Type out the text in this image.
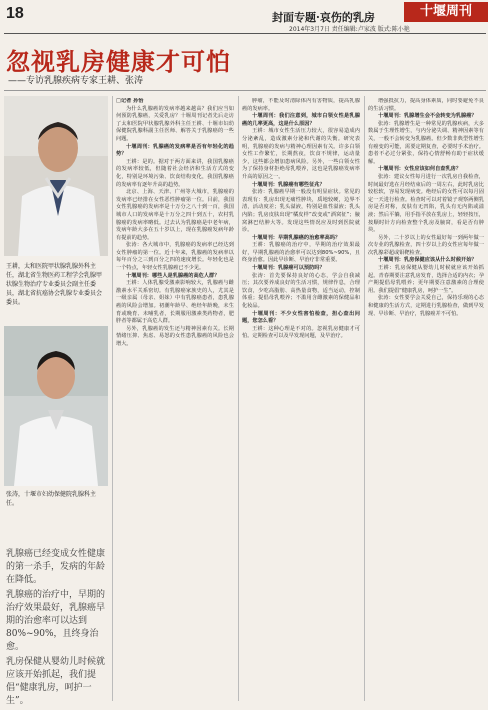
18	封面专题·哀伤的乳房	十堰周刊
2014年3月7日 责任编辑:卢家波 版式:陈小艳
忽视乳房健康才可怕
——专访乳腺疾病专家王耕、张涛
王耕，太和医院甲状腺乳腺外科主任，湖北省生物医药工程学会乳腺甲状腺生物治疗专业委员会副主任委员，湖北省抗癌协会乳腺专业委员会委员。
张涛，十堰市妇幼保健院乳腺科主任。

乳腺癌已经变成女性健康的第一杀手，发病的年龄在降低。

乳腺癌的治疗中，早期的治疗效果最好，乳腺癌早期的治愈率可以达到80%~90%，且终身治愈。

乳房保健从婴幼儿时候就应该开始抓起，我们提倡“健康乳房，呵护一生”。

□记者 孙怡

为什么乳腺癌的发病率越来越高？我们应当如何预防乳腺癌，关爱乳房？十堰周刊记者先后走访了太和医院甲状腺乳腺外科主任王耕、十堰市妇幼保健院乳腺科副主任医师、解答关于乳腺癌的一些问题。

十堰周刊：乳腺癌的发病率是否有年轻化的趋势？

王耕：是的。据对于两方面来讲，我国乳腺癌的发病率较低，但随着社会经济和生活方式的变化，特别是环境污染、饮食结构变化，我国乳腺癌的发病率有逐年升高的趋势。

北京、上海、天津、广州等大城市，乳腺癌的发病率已经排在女性恶性肿瘤第一位。目前，我国女性乳腺癌的发病率是十万分之八十到一百，我国城市人口的发病率是十万分之四十到五十，农村乳腺癌的发病率略低。过去认为乳腺癌是中老年病，发病年龄大多在五十岁以上，现在乳腺癌发病年龄有提前的趋势。

张涛：各大城市中，乳腺癌的发病率已经达到女性肿瘤的第一位。近十年来，乳腺癌的发病率以每年百分之三到百分之四的速度增长。年轻化也是一个特点，年轻女性乳腺癌已不少见。

十堰周刊：哪些人是乳腺癌的高危人群？

王耕：人体乳腺受激素影响较大，乳腺癌与雌激素水平关系密切。有乳腺癌家族史的人，尤其是一级亲属（母亲、姐妹）中有乳腺癌患者，患乳腺癌的风险会增加。初潮年龄早、绝经年龄晚，未生育或晚育、未哺乳者，长期服用激素类药物者，肥胖者等都属于高危人群。

另外，乳腺癌的发生还与精神因素有关。长期情绪压抑、焦虑、易怒的女性患乳腺癌的风险也会增大。

肿瘤，不能及时清除体内有害物质，提高乳腺癌的发病率。

十堰周刊：我们注意到，城市白领女性是乳腺癌的几率更高，这是什么原因？

王耕：城市女性生活压力较大，很容易造成内分泌紊乱，造成激素分泌和代谢的失衡。研究表明，乳腺癌的发病与精神心理因素有关。许多白领女性工作繁忙，长期熬夜，饮食不规律，运动量少，这些都会增加患病风险。另外，一些白领女性为了保持身材拒绝母乳喂养，这也是乳腺癌发病率升高的原因之一。

十堰周刊：乳腺癌有哪些征兆？

张涛：乳腺癌早期一般没有明显症状。常见的表现有：乳房出现无痛性肿块，质地较硬，边界不清，活动度差；乳头溢液，特别是血性溢液；乳头内陷；乳房皮肤出现“橘皮样”改变或“酒窝征”；腋窝淋巴结肿大等。发现这些情况应及时到医院就诊。

十堰周刊：早期乳腺癌的治愈率高吗？

王耕：乳腺癌的治疗中，早期的治疗效果最好，早期乳腺癌的治愈率可以达到80%~90%，且终身治愈。因此早诊断、早治疗非常重要。

十堰周刊：乳腺癌可以预防吗？

张涛：首先要保持良好的心态，学会自我减压；其次要养成良好的生活习惯，规律作息，合理饮食，少吃高脂肪、高热量食物，适当运动，控制体重；提倡母乳喂养；不滥用含雌激素的保健品和化妆品。

十堰周刊：不少女性害怕检查，担心查出问题，您怎么看？

王耕：这种心理是不对的。忽视乳房健康才可怕。定期检查可以及早发现问题，及早治疗。

增强抵抗力，提高身体素质，同时要避免不良的生活习惯。

十堰周刊：乳腺增生会不会转变为乳腺癌？

张涛：乳腺增生是一种常见的乳腺疾病，大多数属于生理性增生，与内分泌失调、精神因素等有关，一般不会转变为乳腺癌。但少数非典型性增生有癌变的可能，需要定期复查，必要时手术治疗。患者不必过分紧张，保持心情舒畅有助于症状缓解。

十堰周刊：女性应该如何自查乳房？

张涛：建议女性每月进行一次乳房自我检查，时间最好选在月经结束后的一周左右，此时乳房比较松软，容易发现病变。绝经后的女性可以每月固定一天进行检查。检查时可以对着镜子观察两侧乳房是否对称，皮肤有无凹陷，乳头有无内陷或溢液；然后平躺，用手指平放在乳房上，轻轻按压，按顺时针方向检查整个乳房及腋窝，看是否有肿块。

另外，二十岁以上的女性最好每一到两年做一次专业的乳腺检查，四十岁以上的女性应每年做一次乳腺彩超或钼靶检查。

十堰周刊：乳房保健应该从什么时候开始？

王耕：乳房保健从婴幼儿时候就应该开始抓起。青春期要注意乳房发育，选择合适的内衣；孕产期提倡母乳喂养；更年期要注意激素的合理使用。我们提倡“健康乳房，呵护一生”。

张涛：女性要学会关爱自己，保持乐观的心态和健康的生活方式，定期进行乳腺检查，做到早发现、早诊断、早治疗，乳腺癌并不可怕。
